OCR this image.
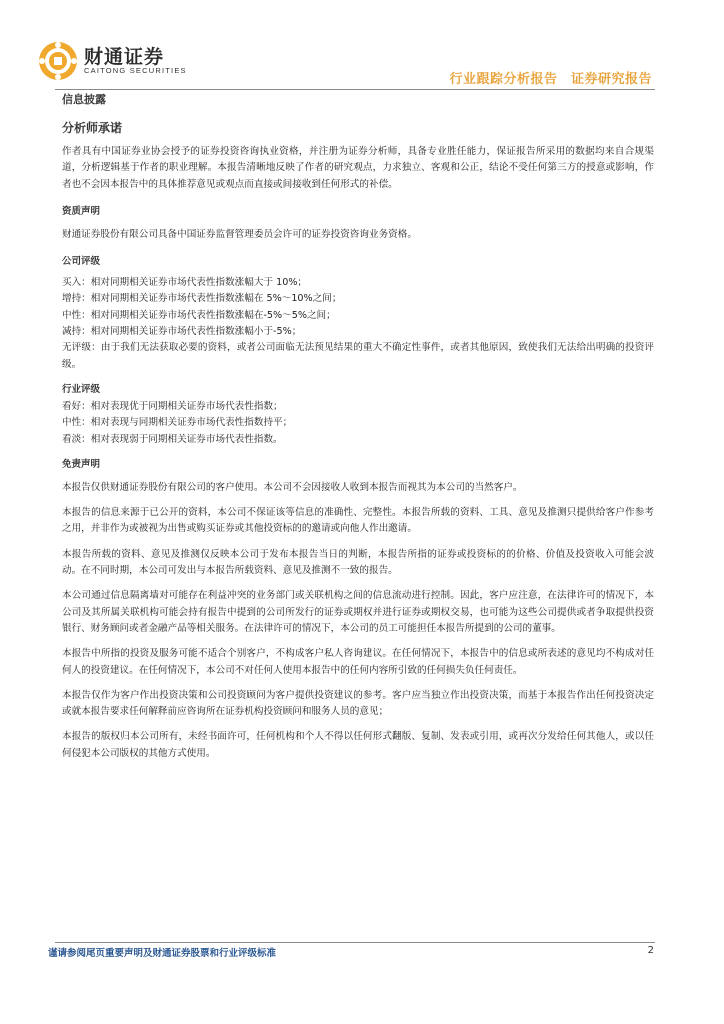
财通证券
CAITONG SECURITIES
行业跟踪分析报告　证券研究报告
信息披露
分析师承诺
作者具有中国证券业协会授予的证券投资咨询执业资格，并注册为证券分析师，具备专业胜任能力，保证报告所采用的数据均来自合规渠道，分析逻辑基于作者的职业理解。本报告清晰地反映了作者的研究观点，力求独立、客观和公正，结论不受任何第三方的授意或影响，作者也不会因本报告中的具体推荐意见或观点而直接或间接收到任何形式的补偿。
资质声明
财通证券股份有限公司具备中国证券监督管理委员会许可的证券投资咨询业务资格。
公司评级
买入：相对同期相关证券市场代表性指数涨幅大于 10%；
增持：相对同期相关证券市场代表性指数涨幅在 5%～10%之间；
中性：相对同期相关证券市场代表性指数涨幅在-5%～5%之间；
减持：相对同期相关证券市场代表性指数涨幅小于-5%；
无评级：由于我们无法获取必要的资料，或者公司面临无法预见结果的重大不确定性事件，或者其他原因，致使我们无法给出明确的投资评级。
行业评级
看好：相对表现优于同期相关证券市场代表性指数；
中性：相对表现与同期相关证券市场代表性指数持平；
看淡：相对表现弱于同期相关证券市场代表性指数。
免责声明
本报告仅供财通证券股份有限公司的客户使用。本公司不会因接收人收到本报告而视其为本公司的当然客户。
本报告的信息来源于已公开的资料，本公司不保证该等信息的准确性、完整性。本报告所载的资料、工具、意见及推测只提供给客户作参考之用，并非作为或被视为出售或购买证券或其他投资标的的邀请或向他人作出邀请。
本报告所载的资料、意见及推测仅反映本公司于发布本报告当日的判断，本报告所指的证券或投资标的的价格、价值及投资收入可能会波动。在不同时期，本公司可发出与本报告所载资料、意见及推测不一致的报告。
本公司通过信息隔离墙对可能存在利益冲突的业务部门或关联机构之间的信息流动进行控制。因此，客户应注意，在法律许可的情况下，本公司及其所属关联机构可能会持有报告中提到的公司所发行的证券或期权并进行证券或期权交易，也可能为这些公司提供或者争取提供投资银行、财务顾问或者金融产品等相关服务。在法律许可的情况下，本公司的员工可能担任本报告所提到的公司的董事。
本报告中所指的投资及服务可能不适合个别客户，不构成客户私人咨询建议。在任何情况下，本报告中的信息或所表述的意见均不构成对任何人的投资建议。在任何情况下，本公司不对任何人使用本报告中的任何内容所引致的任何损失负任何责任。
本报告仅作为客户作出投资决策和公司投资顾问为客户提供投资建议的参考。客户应当独立作出投资决策，而基于本报告作出任何投资决定或就本报告要求任何解释前应咨询所在证券机构投资顾问和服务人员的意见；
本报告的版权归本公司所有，未经书面许可，任何机构和个人不得以任何形式翻版、复制、发表或引用，或再次分发给任何其他人，或以任何侵犯本公司版权的其他方式使用。
谨请参阅尾页重要声明及财通证券股票和行业评级标准	2
